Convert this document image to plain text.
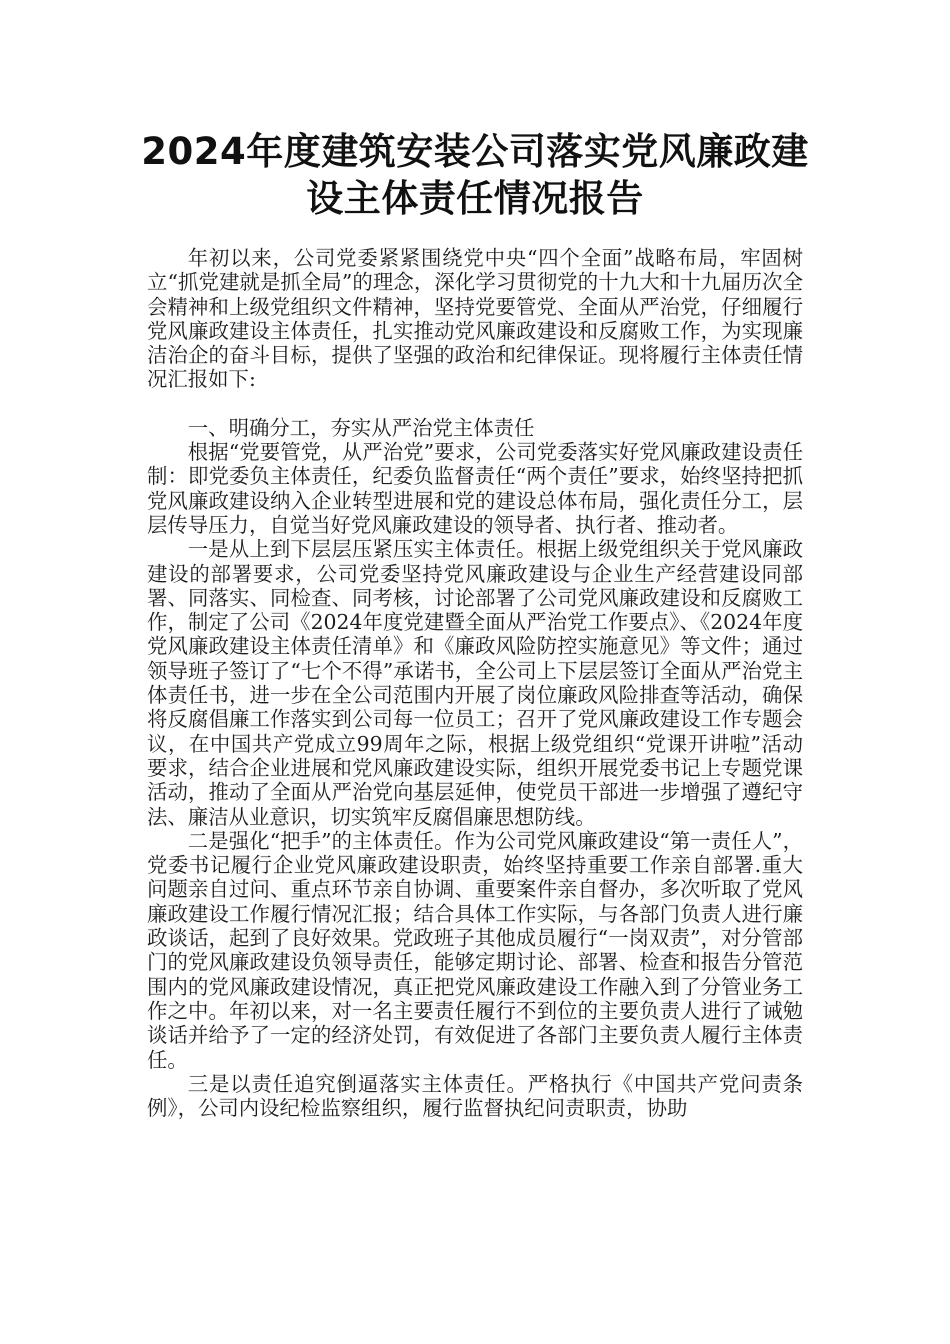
2024年度建筑安装公司落实党风廉政建
设主体责任情况报告

年初以来，公司党委紧紧围绕党中央“四个全面”战略布局，牢固树立“抓党建就是抓全局”的理念，深化学习贯彻党的十九大和十九届历次全会精神和上级党组织文件精神，坚持党要管党、全面从严治党，仔细履行党风廉政建设主体责任，扎实推动党风廉政建设和反腐败工作，为实现廉洁治企的奋斗目标，提供了坚强的政治和纪律保证。现将履行主体责任情况汇报如下:

一、明确分工，夯实从严治党主体责任

根据“党要管党，从严治党”要求，公司党委落实好党风廉政建设责任制：即党委负主体责任，纪委负监督责任“两个责任”要求，始终坚持把抓党风廉政建设纳入企业转型进展和党的建设总体布局，强化责任分工，层层传导压力，自觉当好党风廉政建设的领导者、执行者、推动者。

一是从上到下层层压紧压实主体责任。根据上级党组织关于党风廉政建设的部署要求，公司党委坚持党风廉政建设与企业生产经营建设同部署、同落实、同检查、同考核，讨论部署了公司党风廉政建设和反腐败工作，制定了公司《2024年度党建暨全面从严治党工作要点》、《2024年度党风廉政建设主体责任清单》和《廉政风险防控实施意见》等文件；通过领导班子签订了“七个不得”承诺书，全公司上下层层签订全面从严治党主体责任书，进一步在全公司范围内开展了岗位廉政风险排查等活动，确保将反腐倡廉工作落实到公司每一位员工；召开了党风廉政建设工作专题会议，在中国共产党成立99周年之际，根据上级党组织“党课开讲啦”活动要求，结合企业进展和党风廉政建设实际，组织开展党委书记上专题党课活动，推动了全面从严治党向基层延伸，使党员干部进一步增强了遵纪守法、廉洁从业意识，切实筑牢反腐倡廉思想防线。

二是强化“把手”的主体责任。作为公司党风廉政建设“第一责任人”，党委书记履行企业党风廉政建设职责，始终坚持重要工作亲自部署.重大问题亲自过问、重点环节亲自协调、重要案件亲自督办，多次听取了党风廉政建设工作履行情况汇报；结合具体工作实际，与各部门负责人进行廉政谈话，起到了良好效果。党政班子其他成员履行“一岗双责”，对分管部门的党风廉政建设负领导责任，能够定期讨论、部署、检查和报告分管范围内的党风廉政建设情况，真正把党风廉政建设工作融入到了分管业务工作之中。年初以来，对一名主要责任履行不到位的主要负责人进行了诫勉谈话并给予了一定的经济处罚，有效促进了各部门主要负责人履行主体责任。

三是以责任追究倒逼落实主体责任。严格执行《中国共产党问责条例》，公司内设纪检监察组织，履行监督执纪问责职责，协助
